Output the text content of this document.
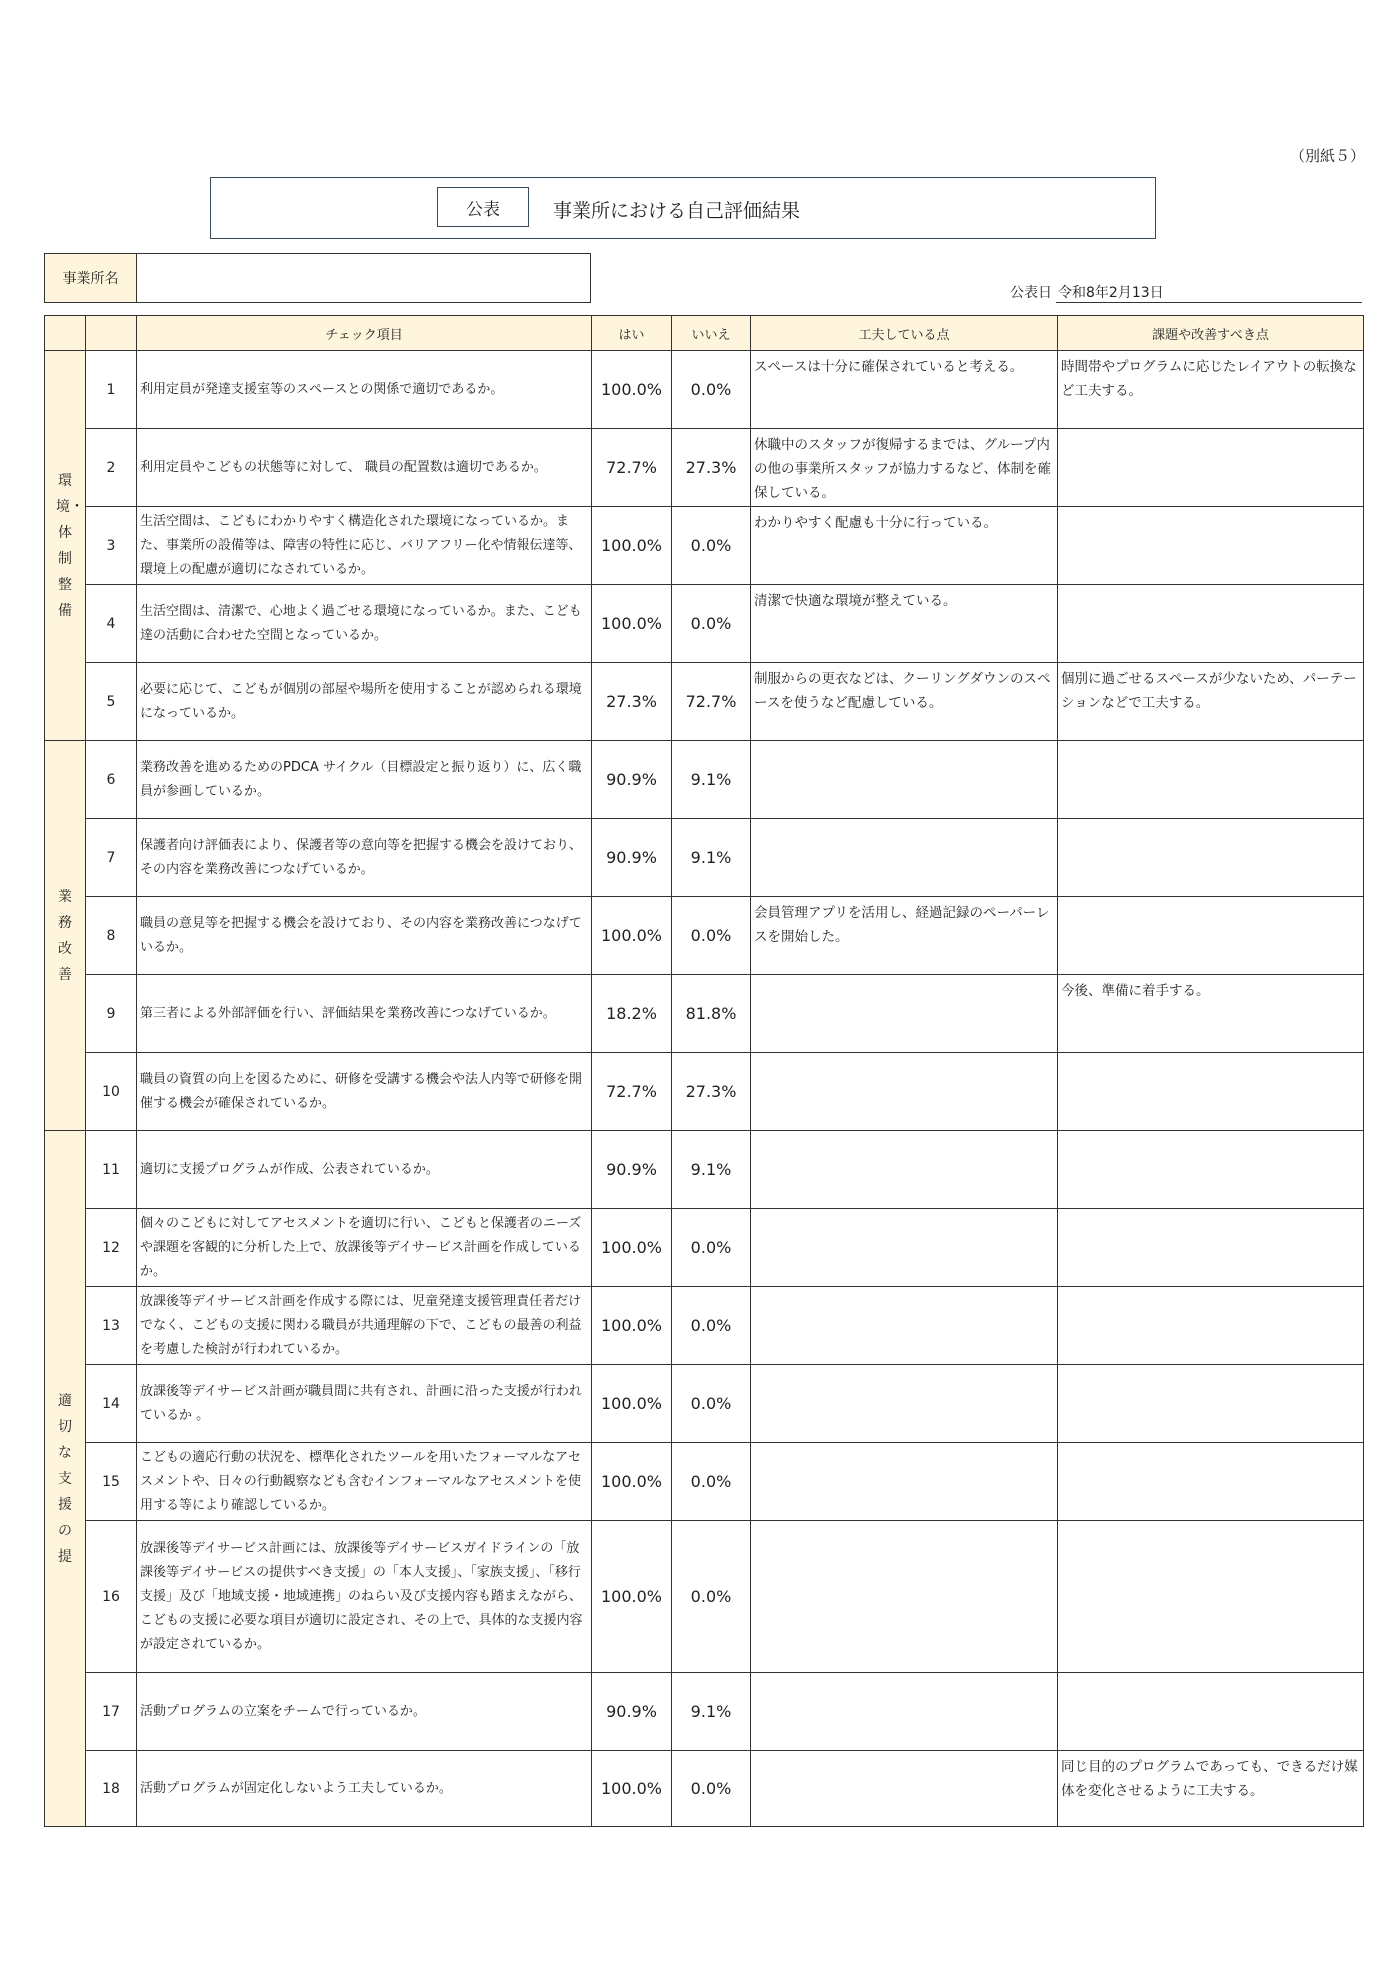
（別紙５）
公表	事業所における自己評価結果
事業所名
公表日 令和8年2月13日
		チェック項目	はい	いいえ	工夫している点	課題や改善すべき点

環境・体制整備	1	利用定員が発達支援室等のスペースとの関係で適切であるか。	100.0%	0.0%	スペースは十分に確保されていると考える。	時間帯やプログラムに応じたレイアウトの転換など工夫する。
	2	利用定員やこどもの状態等に対して、 職員の配置数は適切であるか。	72.7%	27.3%	休職中のスタッフが復帰するまでは、グループ内の他の事業所スタッフが協力するなど、体制を確保している。	
	3	生活空間は、こどもにわかりやすく構造化された環境になっているか。また、事業所の設備等は、障害の特性に応じ、バリアフリー化や情報伝達等、環境上の配慮が適切になされているか。	100.0%	0.0%	わかりやすく配慮も十分に行っている。	
	4	生活空間は、清潔で、心地よく過ごせる環境になっているか。また、こども達の活動に合わせた空間となっているか。	100.0%	0.0%	清潔で快適な環境が整えている。	
	5	必要に応じて、こどもが個別の部屋や場所を使用することが認められる環境になっているか。	27.3%	72.7%	制服からの更衣などは、クーリングダウンのスペースを使うなど配慮している。	個別に過ごせるスペースが少ないため、パーテーションなどで工夫する。

業務改善	6	業務改善を進めるためのPDCA サイクル（目標設定と振り返り）に、広く職員が参画しているか。	90.9%	9.1%		
	7	保護者向け評価表により、保護者等の意向等を把握する機会を設けており、その内容を業務改善につなげているか。	90.9%	9.1%		
	8	職員の意見等を把握する機会を設けており、その内容を業務改善につなげているか。	100.0%	0.0%	会員管理アプリを活用し、経過記録のペーパーレスを開始した。	
	9	第三者による外部評価を行い、評価結果を業務改善につなげているか。	18.2%	81.8%		今後、準備に着手する。
	10	職員の資質の向上を図るために、研修を受講する機会や法人内等で研修を開催する機会が確保されているか。	72.7%	27.3%		

適切な支援の提	11	適切に支援プログラムが作成、公表されているか。	90.9%	9.1%		
	12	個々のこどもに対してアセスメントを適切に行い、こどもと保護者のニーズや課題を客観的に分析した上で、放課後等デイサービス計画を作成しているか。	100.0%	0.0%		
	13	放課後等デイサービス計画を作成する際には、児童発達支援管理責任者だけでなく、こどもの支援に関わる職員が共通理解の下で、こどもの最善の利益を考慮した検討が行われているか。	100.0%	0.0%		
	14	放課後等デイサービス計画が職員間に共有され、計画に沿った支援が行われているか 。	100.0%	0.0%		
	15	こどもの適応行動の状況を、標準化されたツールを用いたフォーマルなアセスメントや、日々の行動観察なども含むインフォーマルなアセスメントを使用する等により確認しているか。	100.0%	0.0%		
	16	放課後等デイサービス計画には、放課後等デイサービスガイドラインの「放課後等デイサービスの提供すべき支援」の「本人支援」、「家族支援」、「移行支援」及び「地域支援・地域連携」のねらい及び支援内容も踏まえながら、こどもの支援に必要な項目が適切に設定され、その上で、具体的な支援内容が設定されているか。	100.0%	0.0%		
	17	活動プログラムの立案をチームで行っているか。	90.9%	9.1%		
	18	活動プログラムが固定化しないよう工夫しているか。	100.0%	0.0%		同じ目的のプログラムであっても、できるだけ媒体を変化させるように工夫する。
